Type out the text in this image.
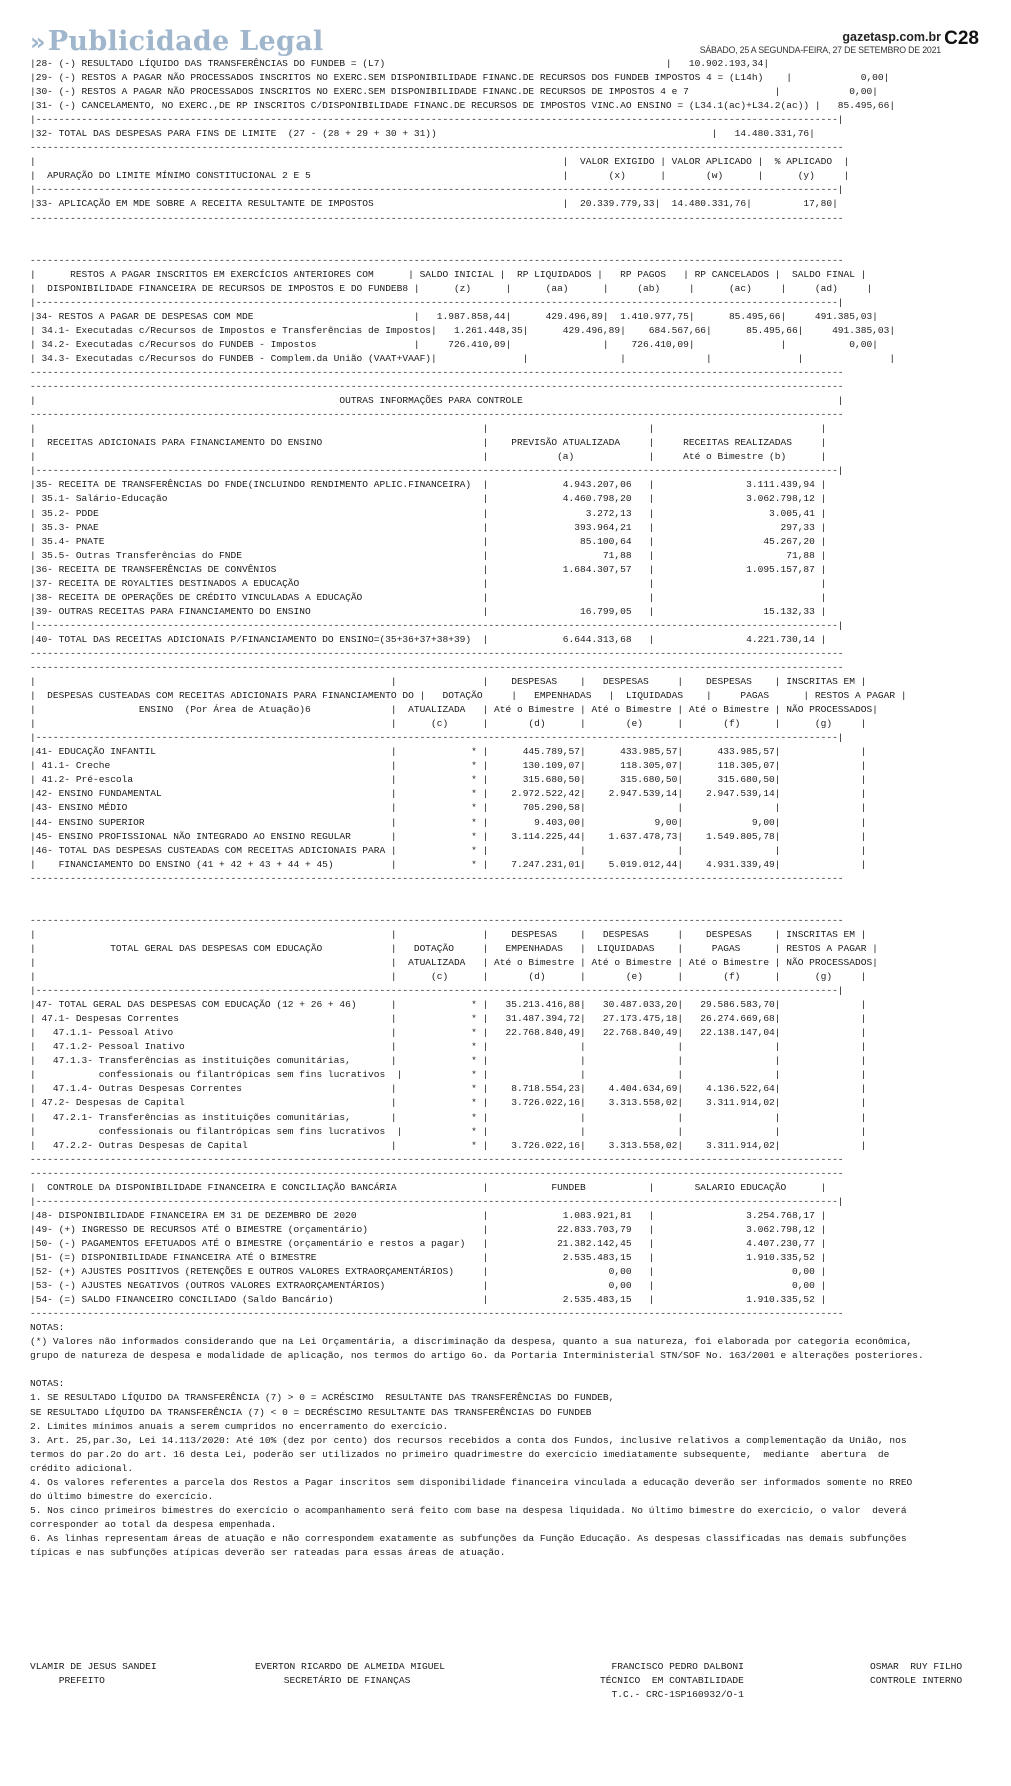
»Publicidade Legal	gazetasp.com.br
SÁBADO, 25 A SEGUNDA-FEIRA, 27 DE SETEMBRO DE 2021
C28
|28- (-) RESULTADO LÍQUIDO DAS TRANSFERÊNCIAS DO FUNDEB = (L7)                                                 |   10.902.193,34|
|29- (-) RESTOS A PAGAR NÃO PROCESSADOS INSCRITOS NO EXERC.SEM DISPONIBILIDADE FINANC.DE RECURSOS DOS FUNDEB IMPOSTOS 4 = (L14h)    |            0,00|
|30- (-) RESTOS A PAGAR NÃO PROCESSADOS INSCRITOS NO EXERC.SEM DISPONIBILIDADE FINANC.DE RECURSOS DE IMPOSTOS 4 e 7               |            0,00|
|31- (-) CANCELAMENTO, NO EXERC.,DE RP INSCRITOS C/DISPONIBILIDADE FINANC.DE RECURSOS DE IMPOSTOS VINC.AO ENSINO = (L34.1(ac)+L34.2(ac)) |   85.495,66|
|--------------------------------------------------------------------------------------------------------------------------------------------|
|32- TOTAL DAS DESPESAS PARA FINS DE LIMITE  (27 - (28 + 29 + 30 + 31))                                                |   14.480.331,76|
----------------------------------------------------------------------------------------------------------------------------------------------
|                                                                                            |  VALOR EXIGIDO | VALOR APLICADO |  % APLICADO  |
|  APURAÇÃO DO LIMITE MÍNIMO CONSTITUCIONAL 2 E 5                                            |       (x)      |       (w)      |      (y)     |
|--------------------------------------------------------------------------------------------------------------------------------------------|
|33- APLICAÇÃO EM MDE SOBRE A RECEITA RESULTANTE DE IMPOSTOS                                 |  20.339.779,33|  14.480.331,76|         17,80|
----------------------------------------------------------------------------------------------------------------------------------------------

----------------------------------------------------------------------------------------------------------------------------------------------
|      RESTOS A PAGAR INSCRITOS EM EXERCÍCIOS ANTERIORES COM      | SALDO INICIAL |  RP LIQUIDADOS |   RP PAGOS   | RP CANCELADOS |  SALDO FINAL |
|  DISPONIBILIDADE FINANCEIRA DE RECURSOS DE IMPOSTOS E DO FUNDEB8 |      (z)      |      (aa)      |     (ab)     |      (ac)     |     (ad)     |
|--------------------------------------------------------------------------------------------------------------------------------------------|
|34- RESTOS A PAGAR DE DESPESAS COM MDE                            |   1.987.858,44|      429.496,89|  1.410.977,75|      85.495,66|     491.385,03|
| 34.1- Executadas c/Recursos de Impostos e Transferências de Impostos|   1.261.448,35|      429.496,89|    684.567,66|      85.495,66|     491.385,03|
| 34.2- Executadas c/Recursos do FUNDEB - Impostos                 |     726.410,09|                |    726.410,09|               |           0,00|
| 34.3- Executadas c/Recursos do FUNDEB - Complem.da União (VAAT+VAAF)|               |                |              |               |               |
----------------------------------------------------------------------------------------------------------------------------------------------
----------------------------------------------------------------------------------------------------------------------------------------------
|                                                     OUTRAS INFORMAÇÕES PARA CONTROLE                                                       |
----------------------------------------------------------------------------------------------------------------------------------------------
|                                                                              |                            |                             |
|  RECEITAS ADICIONAIS PARA FINANCIAMENTO DO ENSINO                            |    PREVISÃO ATUALIZADA     |     RECEITAS REALIZADAS     |
|                                                                              |            (a)             |     Até o Bimestre (b)      |
|--------------------------------------------------------------------------------------------------------------------------------------------|
|35- RECEITA DE TRANSFERÊNCIAS DO FNDE(INCLUINDO RENDIMENTO APLIC.FINANCEIRA)  |             4.943.207,06   |                3.111.439,94 |
| 35.1- Salário-Educação                                                       |             4.460.798,20   |                3.062.798,12 |
| 35.2- PDDE                                                                   |                 3.272,13   |                    3.005,41 |
| 35.3- PNAE                                                                   |               393.964,21   |                      297,33 |
| 35.4- PNATE                                                                  |                85.100,64   |                   45.267,20 |
| 35.5- Outras Transferências do FNDE                                          |                    71,88   |                       71,88 |
|36- RECEITA DE TRANSFERÊNCIAS DE CONVÊNIOS                                    |             1.684.307,57   |                1.095.157,87 |
|37- RECEITA DE ROYALTIES DESTINADOS A EDUCAÇÃO                                |                            |                             |
|38- RECEITA DE OPERAÇÕES DE CRÉDITO VINCULADAS A EDUCAÇÃO                     |                            |                             |
|39- OUTRAS RECEITAS PARA FINANCIAMENTO DO ENSINO                              |                16.799,05   |                   15.132,33 |
|--------------------------------------------------------------------------------------------------------------------------------------------|
|40- TOTAL DAS RECEITAS ADICIONAIS P/FINANCIAMENTO DO ENSINO=(35+36+37+38+39)  |             6.644.313,68   |                4.221.730,14 |
----------------------------------------------------------------------------------------------------------------------------------------------
----------------------------------------------------------------------------------------------------------------------------------------------
|                                                              |               |    DESPESAS    |   DESPESAS     |    DESPESAS    | INSCRITAS EM |
|  DESPESAS CUSTEADAS COM RECEITAS ADICIONAIS PARA FINANCIAMENTO DO |   DOTAÇÃO     |   EMPENHADAS   |  LIQUIDADAS    |     PAGAS      | RESTOS A PAGAR |
|                  ENSINO  (Por Área de Atuação)6              |  ATUALIZADA   | Até o Bimestre | Até o Bimestre | Até o Bimestre | NÃO PROCESSADOS|
|                                                              |      (c)      |       (d)      |       (e)      |       (f)      |      (g)     |
|--------------------------------------------------------------------------------------------------------------------------------------------|
|41- EDUCAÇÃO INFANTIL                                         |             * |      445.789,57|      433.985,57|      433.985,57|              |
| 41.1- Creche                                                 |             * |      130.109,07|      118.305,07|      118.305,07|              |
| 41.2- Pré-escola                                             |             * |      315.680,50|      315.680,50|      315.680,50|              |
|42- ENSINO FUNDAMENTAL                                        |             * |    2.972.522,42|    2.947.539,14|    2.947.539,14|              |
|43- ENSINO MÉDIO                                              |             * |      705.290,58|                |                |              |
|44- ENSINO SUPERIOR                                           |             * |        9.403,00|            9,00|            9,00|              |
|45- ENSINO PROFISSIONAL NÃO INTEGRADO AO ENSINO REGULAR       |             * |    3.114.225,44|    1.637.478,73|    1.549.805,78|              |
|46- TOTAL DAS DESPESAS CUSTEADAS COM RECEITAS ADICIONAIS PARA |             * |                |                |                |              |
|    FINANCIAMENTO DO ENSINO (41 + 42 + 43 + 44 + 45)          |             * |    7.247.231,01|    5.019.012,44|    4.931.339,49|              |
----------------------------------------------------------------------------------------------------------------------------------------------

----------------------------------------------------------------------------------------------------------------------------------------------
|                                                              |               |    DESPESAS    |   DESPESAS     |    DESPESAS    | INSCRITAS EM |
|             TOTAL GERAL DAS DESPESAS COM EDUCAÇÃO            |   DOTAÇÃO     |   EMPENHADAS   |  LIQUIDADAS    |     PAGAS      | RESTOS A PAGAR |
|                                                              |  ATUALIZADA   | Até o Bimestre | Até o Bimestre | Até o Bimestre | NÃO PROCESSADOS|
|                                                              |      (c)      |       (d)      |       (e)      |       (f)      |      (g)     |
|--------------------------------------------------------------------------------------------------------------------------------------------|
|47- TOTAL GERAL DAS DESPESAS COM EDUCAÇÃO (12 + 26 + 46)      |             * |   35.213.416,88|   30.487.033,20|   29.586.583,70|              |
| 47.1- Despesas Correntes                                     |             * |   31.487.394,72|   27.173.475,18|   26.274.669,68|              |
|   47.1.1- Pessoal Ativo                                      |             * |   22.768.840,49|   22.768.840,49|   22.138.147,04|              |
|   47.1.2- Pessoal Inativo                                    |             * |                |                |                |              |
|   47.1.3- Transferências as instituições comunitárias,       |             * |                |                |                |              |
|           confessionais ou filantrópicas sem fins lucrativos  |            * |                |                |                |              |
|   47.1.4- Outras Despesas Correntes                          |             * |    8.718.554,23|    4.404.634,69|    4.136.522,64|              |
| 47.2- Despesas de Capital                                    |             * |    3.726.022,16|    3.313.558,02|    3.311.914,02|              |
|   47.2.1- Transferências as instituições comunitárias,       |             * |                |                |                |              |
|           confessionais ou filantrópicas sem fins lucrativos  |            * |                |                |                |              |
|   47.2.2- Outras Despesas de Capital                         |             * |    3.726.022,16|    3.313.558,02|    3.311.914,02|              |
----------------------------------------------------------------------------------------------------------------------------------------------
----------------------------------------------------------------------------------------------------------------------------------------------
|  CONTROLE DA DISPONIBILIDADE FINANCEIRA E CONCILIAÇÃO BANCÁRIA               |           FUNDEB           |       SALARIO EDUCAÇÃO      |
|--------------------------------------------------------------------------------------------------------------------------------------------|
|48- DISPONIBILIDADE FINANCEIRA EM 31 DE DEZEMBRO DE 2020                      |             1.083.921,81   |                3.254.768,17 |
|49- (+) INGRESSO DE RECURSOS ATÉ O BIMESTRE (orçamentário)                    |            22.833.703,79   |                3.062.798,12 |
|50- (-) PAGAMENTOS EFETUADOS ATÉ O BIMESTRE (orçamentário e restos a pagar)   |            21.382.142,45   |                4.407.230,77 |
|51- (=) DISPONIBILIDADE FINANCEIRA ATÉ O BIMESTRE                             |             2.535.483,15   |                1.910.335,52 |
|52- (+) AJUSTES POSITIVOS (RETENÇÕES E OUTROS VALORES EXTRAORÇAMENTÁRIOS)     |                     0,00   |                        0,00 |
|53- (-) AJUSTES NEGATIVOS (OUTROS VALORES EXTRAORÇAMENTÁRIOS)                 |                     0,00   |                        0,00 |
|54- (=) SALDO FINANCEIRO CONCILIADO (Saldo Bancário)                          |             2.535.483,15   |                1.910.335,52 |
----------------------------------------------------------------------------------------------------------------------------------------------
NOTAS:
(*) Valores não informados considerando que na Lei Orçamentária, a discriminação da despesa, quanto a sua natureza, foi elaborada por categoria econômica,
grupo de natureza de despesa e modalidade de aplicação, nos termos do artigo 6o. da Portaria Interministerial STN/SOF No. 163/2001 e alterações posteriores.

NOTAS:
1. SE RESULTADO LÍQUIDO DA TRANSFERÊNCIA (7) > 0 = ACRÉSCIMO  RESULTANTE DAS TRANSFERÊNCIAS DO FUNDEB,
SE RESULTADO LÍQUIDO DA TRANSFERÊNCIA (7) < 0 = DECRÉSCIMO RESULTANTE DAS TRANSFERÊNCIAS DO FUNDEB
2. Limites mínimos anuais a serem cumpridos no encerramento do exercício.
3. Art. 25,par.3o, Lei 14.113/2020: Até 10% (dez por cento) dos recursos recebidos a conta dos Fundos, inclusive relativos a complementação da União, nos
termos do par.2o do art. 16 desta Lei, poderão ser utilizados no primeiro quadrimestre do exercício imediatamente subsequente,  mediante  abertura  de
crédito adicional.
4. Os valores referentes a parcela dos Restos a Pagar inscritos sem disponibilidade financeira vinculada a educação deverão ser informados somente no RREO
do último bimestre do exercício.
5. Nos cinco primeiros bimestres do exercício o acompanhamento será feito com base na despesa liquidada. No último bimestre do exercício, o valor  deverá
corresponder ao total da despesa empenhada.
6. As linhas representam áreas de atuação e não correspondem exatamente as subfunções da Função Educação. As despesas classificadas nas demais subfunções
típicas e nas subfunções atípicas deverão ser rateadas para essas áreas de atuação.

VLAMIR DE JESUS SANDEI
PREFEITO
EVERTON RICARDO DE ALMEIDA MIGUEL
SECRETÁRIO DE FINANÇAS
FRANCISCO PEDRO DALBONI
TÉCNICO  EM CONTABILIDADE
T.C.- CRC-1SP160932/O-1
OSMAR  RUY FILHO
CONTROLE INTERNO
